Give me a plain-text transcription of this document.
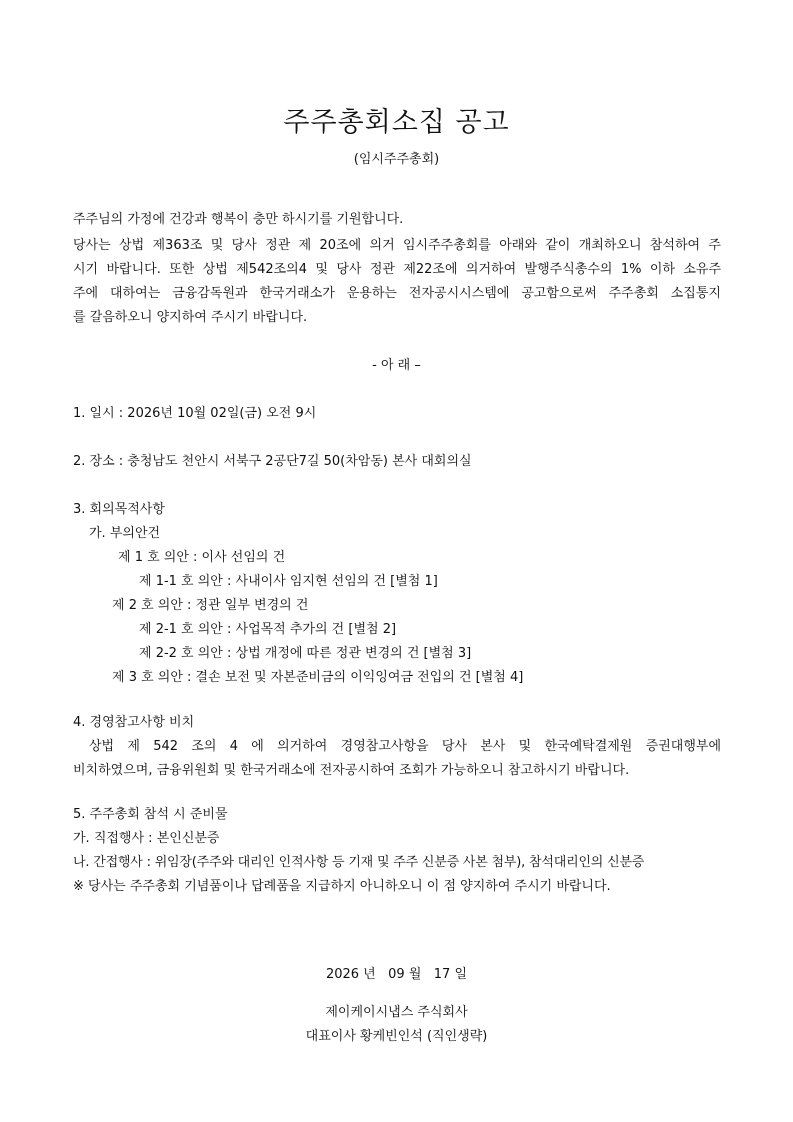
주주총회소집 공고
(임시주주총회)
주주님의 가정에 건강과 행복이 충만 하시기를 기원합니다.
당사는 상법 제363조 및 당사 정관 제 20조에 의거 임시주주총회를 아래와 같이 개최하오니 참석하여 주
시기 바랍니다. 또한 상법 제542조의4 및 당사 정관 제22조에 의거하여 발행주식총수의 1% 이하 소유주
주에 대하여는 금융감독원과 한국거래소가 운용하는 전자공시시스템에 공고함으로써 주주총회 소집통지
를 갈음하오니 양지하여 주시기 바랍니다.
- 아 래 –
1. 일시 : 2026년 10월 02일(금) 오전 9시
2. 장소 : 충청남도 천안시 서북구 2공단7길 50(차암동) 본사 대회의실
3. 회의목적사항
가. 부의안건
제 1 호 의안 : 이사 선임의 건
제 1-1 호 의안 : 사내이사 임지현 선임의 건 [별첨 1]
제 2 호 의안 : 정관 일부 변경의 건
제 2-1 호 의안 : 사업목적 추가의 건 [별첨 2]
제 2-2 호 의안 : 상법 개정에 따른 정관 변경의 건 [별첨 3]
제 3 호 의안 : 결손 보전 및 자본준비금의 이익잉여금 전입의 건 [별첨 4]
4. 경영참고사항 비치
상법 제 542 조의 4 에 의거하여 경영참고사항을 당사 본사 및 한국예탁결제원 증권대행부에
비치하였으며, 금융위원회 및 한국거래소에 전자공시하여 조회가 가능하오니 참고하시기 바랍니다.
5. 주주총회 참석 시 준비물
가. 직접행사 : 본인신분증
나. 간접행사 : 위임장(주주와 대리인 인적사항 등 기재 및 주주 신분증 사본 첨부), 참석대리인의 신분증
※ 당사는 주주총회 기념품이나 답례품을 지급하지 아니하오니 이 점 양지하여 주시기 바랍니다.
2026 년   09 월   17 일
제이케이시냅스 주식회사
대표이사 황케빈인석 (직인생략)
